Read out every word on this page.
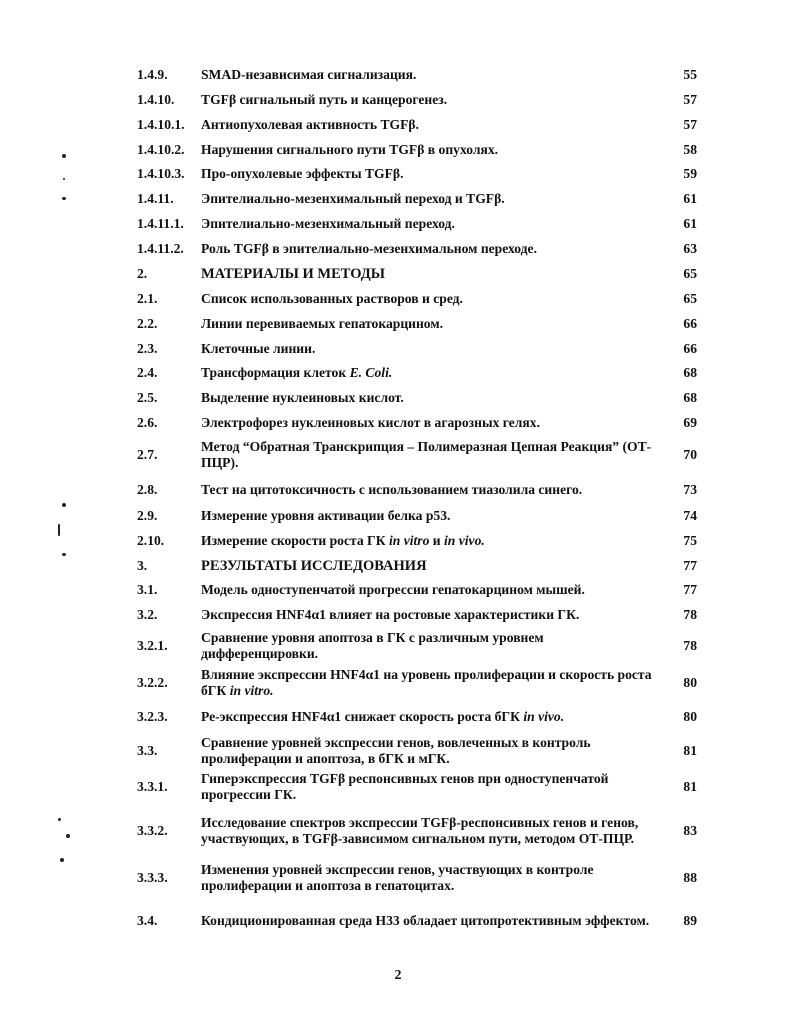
1.4.9.	SMAD-независимая сигнализация.	55
1.4.10.	TGFβ сигнальный путь и канцерогенез.	57
1.4.10.1.	Антиопухолевая активность TGFβ.	57
1.4.10.2.	Нарушения сигнального пути TGFβ в опухолях.	58
1.4.10.3.	Про-опухолевые эффекты TGFβ.	59
1.4.11.	Эпителиально-мезенхимальный переход и TGFβ.	61
1.4.11.1.	Эпителиально-мезенхимальный переход.	61
1.4.11.2.	Роль TGFβ в эпителиально-мезенхимальном переходе.	63
2.	МАТЕРИАЛЫ И МЕТОДЫ	65
2.1.	Список использованных растворов и сред.	65
2.2.	Линии перевиваемых гепатокарцином.	66
2.3.	Клеточные линии.	66
2.4.	Трансформация клеток E. Coli.	68
2.5.	Выделение нуклеиновых кислот.	68
2.6.	Электрофорез нуклеиновых кислот в агарозных гелях.	69
2.7.	Метод “Обратная Транскрипция – Полимеразная Цепная Реакция” (ОТ-ПЦР).	70
2.8.	Тест на цитотоксичность с использованием тиазолила синего.	73
2.9.	Измерение уровня активации белка p53.	74
2.10.	Измерение скорости роста ГК in vitro и in vivo.	75
3.	РЕЗУЛЬТАТЫ ИССЛЕДОВАНИЯ	77
3.1.	Модель одноступенчатой прогрессии гепатокарцином мышей.	77
3.2.	Экспрессия HNF4α1 влияет на ростовые характеристики ГК.	78
3.2.1.	Сравнение уровня апоптоза в ГК с различным уровнем дифференцировки.	78
3.2.2.	Влияние экспрессии HNF4α1 на уровень пролиферации и скорость роста бГК in vitro.	80
3.2.3.	Ре-экспрессия HNF4α1 снижает скорость роста бГК in vivo.	80
3.3.	Сравнение уровней экспрессии генов, вовлеченных в контроль пролиферации и апоптоза, в бГК и мГК.	81
3.3.1.	Гиперэкспрессия TGFβ респонсивных генов при одноступенчатой прогрессии ГК.	81
3.3.2.	Исследование спектров экспрессии TGFβ-респонсивных генов и генов, участвующих, в TGFβ-зависимом сигнальном пути, методом ОТ-ПЦР.	83
3.3.3.	Изменения уровней экспрессии генов, участвующих в контроле пролиферации и апоптоза в гепатоцитах.	88
3.4.	Кондиционированная среда H33 обладает цитопротективным эффектом.	89
2
